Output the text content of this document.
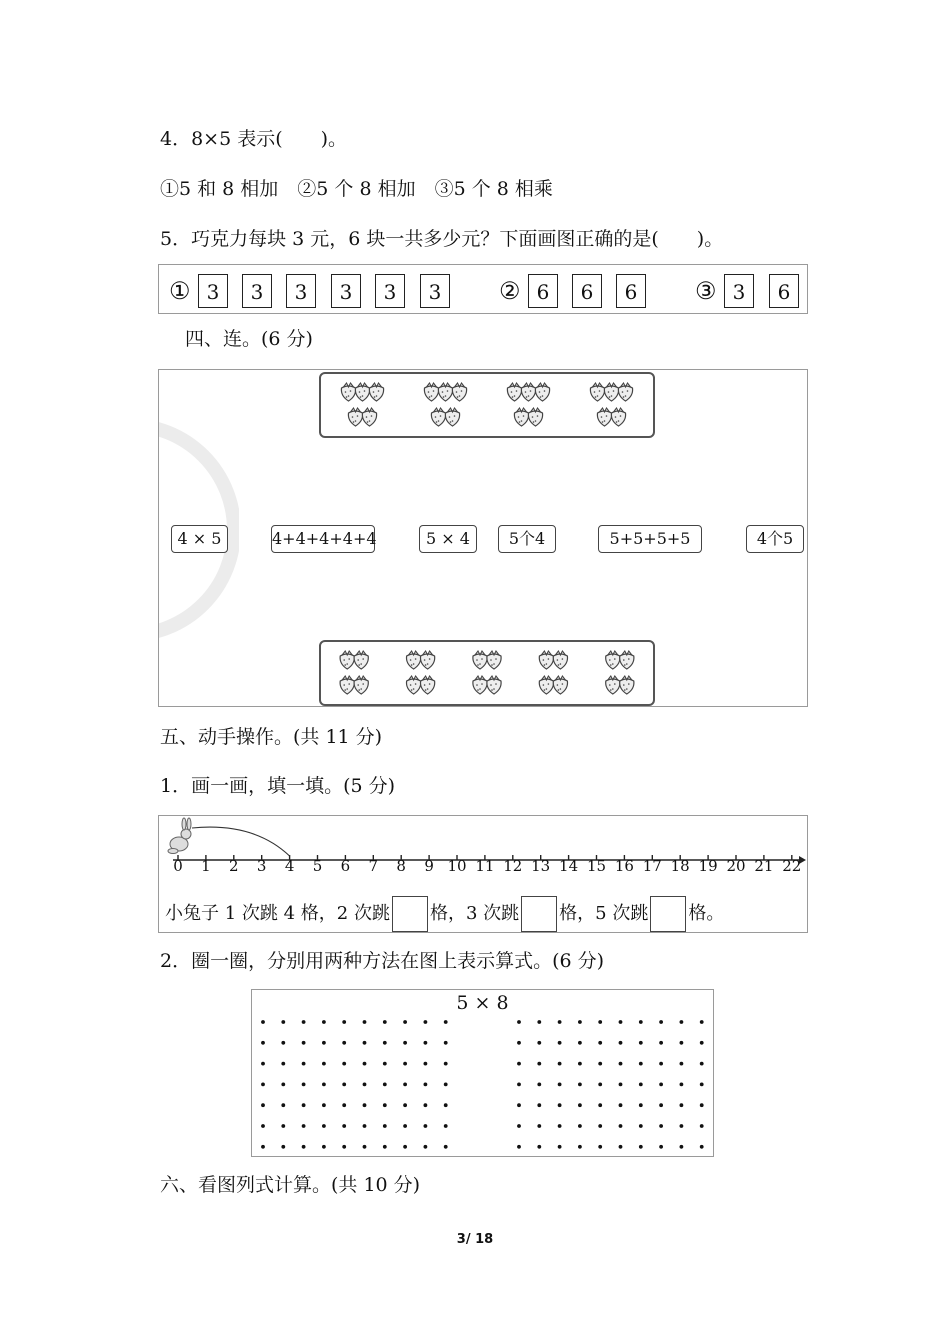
4．8×5 表示(　　)。
①5 和 8 相加　②5 个 8 相加　③5 个 8 相乘
5．巧克力每块 3 元，6 块一共多少元？下面画图正确的是(　　)。
① 3	3	3	3	3	3	② 6	6	6	③ 3	6
四、连。(6 分)
4 × 5	4+4+4+4+4	5 × 4	5个4	5+5+5+5	4个5
五、动手操作。(共 11 分)
1．画一画，填一填。(5 分)
0	1	2	3	4	5	6	7	8	9 10 11 12 13 14 15 16 17 18 19 20 21 22
小兔子 1 次跳 4 格，2 次跳 格，3 次跳 格，5 次跳 格。
2．圈一圈，分别用两种方法在图上表示算式。(6 分)
5 × 8
六、看图列式计算。(共 10 分)
3/ 18
